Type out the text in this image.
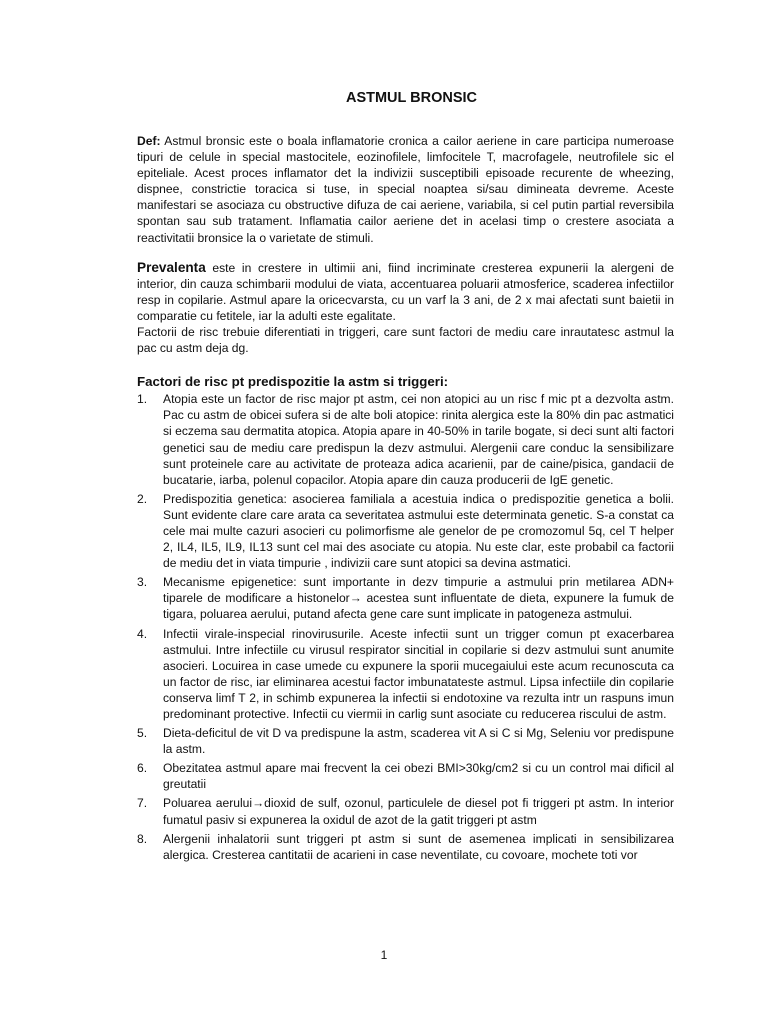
ASTMUL BRONSIC

Def: Astmul bronsic este o boala inflamatorie cronica a cailor aeriene in care participa numeroase tipuri de celule in special mastocitele, eozinofilele, limfocitele T, macrofagele, neutrofilele sic el epiteliale. Acest proces inflamator det la indivizii susceptibili episoade recurente de wheezing, dispnee, constrictie toracica si tuse, in special noaptea si/sau dimineata devreme. Aceste manifestari se asociaza cu obstructive difuza de cai aeriene, variabila, si cel putin partial reversibila spontan sau sub tratament. Inflamatia cailor aeriene det in acelasi timp o crestere asociata a reactivitatii bronsice la o varietate de stimuli.

Prevalenta este in crestere in ultimii ani, fiind incriminate cresterea expunerii la alergeni de interior, din cauza schimbarii modului de viata, accentuarea poluarii atmosferice, scaderea infectiilor resp in copilarie. Astmul apare la oricecvarsta, cu un varf la 3 ani, de 2 x mai afectati sunt baietii in comparatie cu fetitele, iar la adulti este egalitate.

Factorii de risc trebuie diferentiati in triggeri, care sunt factori de mediu care inrautatesc astmul la pac cu astm deja dg.

Factori de risc pt predispozitie la astm si triggeri:
1. Atopia este un factor de risc major pt astm, cei non atopici au un risc f mic pt a dezvolta astm. Pac cu astm de obicei sufera si de alte boli atopice: rinita alergica este la 80% din pac astmatici si eczema sau dermatita atopica. Atopia apare in 40-50% in tarile bogate, si deci sunt alti factori genetici sau de mediu care predispun la dezv astmului. Alergenii care conduc la sensibilizare sunt proteinele care au activitate de proteaza adica acarienii, par de caine/pisica, gandacii de bucatarie, iarba, polenul copacilor. Atopia apare din cauza producerii de IgE genetic.
2. Predispozitia genetica: asocierea familiala a acestuia indica o predispozitie genetica a bolii. Sunt evidente clare care arata ca severitatea astmului este determinata genetic. S-a constat ca cele mai multe cazuri asocieri cu polimorfisme ale genelor de pe cromozomul 5q, cel T helper 2, IL4, IL5, IL9, IL13 sunt cel mai des asociate cu atopia. Nu este clar, este probabil ca factorii de mediu det in viata timpurie , indivizii care sunt atopici sa devina astmatici.
3. Mecanisme epigenetice: sunt importante in dezv timpurie a astmului prin metilarea ADN+ tiparele de modificare a histonelor→ acestea sunt influentate de dieta, expunere la fumuk de tigara, poluarea aerului, putand afecta gene care sunt implicate in patogeneza astmului.
4. Infectii virale-inspecial rinovirusurile. Aceste infectii sunt un trigger comun pt exacerbarea astmului. Intre infectiile cu virusul respirator sincitial in copilarie si dezv astmului sunt anumite asocieri. Locuirea in case umede cu expunere la sporii mucegaiului este acum recunoscuta ca un factor de risc, iar eliminarea acestui factor imbunatateste astmul. Lipsa infectiile din copilarie conserva limf T 2, in schimb expunerea la infectii si endotoxine va rezulta intr un raspuns imun predominant protective. Infectii cu viermii in carlig sunt asociate cu reducerea riscului de astm.
5. Dieta-deficitul de vit D va predispune la astm, scaderea vit A si C si Mg, Seleniu vor predispune la astm.
6. Obezitatea astmul apare mai frecvent la cei obezi BMI>30kg/cm2 si cu un control mai dificil al greutatii
7. Poluarea aerului→dioxid de sulf, ozonul, particulele de diesel pot fi triggeri pt astm. In interior fumatul pasiv si expunerea la oxidul de azot de la gatit triggeri pt astm
8. Alergenii inhalatorii sunt triggeri pt astm si sunt de asemenea implicati in sensibilizarea alergica. Cresterea cantitatii de acarieni in case neventilate, cu covoare, mochete toti vor
1
